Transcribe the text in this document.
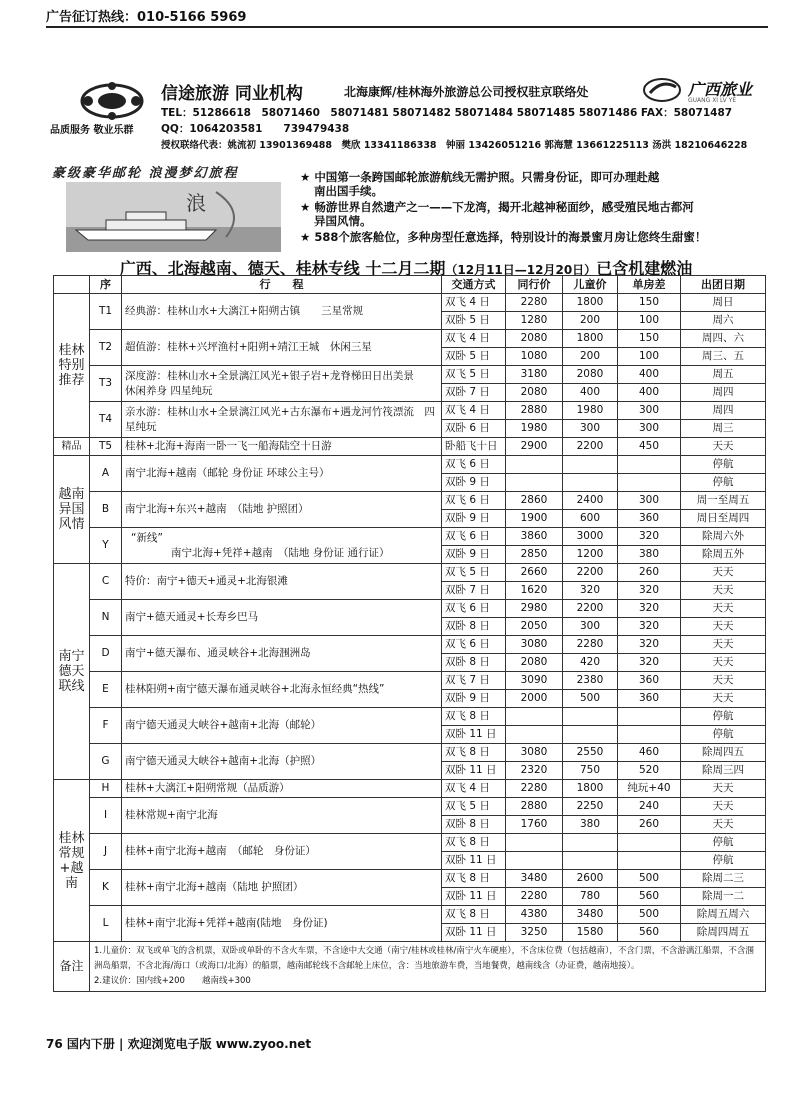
广告征订热线：010-5166 5969
信途旅游 同业机构	北海康辉/桂林海外旅游总公司授权驻京联络处
TEL：51286618　58071460　58071481 58071482 58071484 58071485 58071486 FAX：58071487
品质服务 敬业乐群	QQ：1064203581　　739479438
授权联络代表：姚流初 13901369488　樊欣 13341186338　钟丽 13426051216 郭海慧 13661225113 汤洪 18210646228
广西旅业
GUANG XI LV YE
豪级豪华邮轮 浪漫梦幻旅程
浪
★ 中国第一条跨国邮轮旅游航线无需护照。只需身份证，即可办理赴越
南出国手续。
★ 畅游世界自然遗产之一——下龙湾，揭开北越神秘面纱，感受殖民地古都河
异国风情。
★ 588个旅客舱位，多种房型任意选择，特别设计的海景蜜月房让您终生甜蜜！
广西、北海越南、德天、桂林专线 十二月二期（12月11日—12月20日）已含机建燃油
	序	行　　程	交通方式	同行价	儿童价	单房差	出团日期
桂林特别推荐	T1	经典游：桂林山水+大漓江+阳朔古镇　　三星常规	双飞 4 日	2280	1800	150	周日
			双卧 5 日	1280	200	100	周六
	T2	超值游：桂林+兴坪渔村+阳朔+靖江王城　休闲三星	双飞 4 日	2080	1800	150	周四、六
			双卧 5 日	1080	200	100	周三、五
	T3	深度游：桂林山水+全景漓江风光+银子岩+龙脊梯田日出美景　　休闲养身 四星纯玩	双飞 5 日	3180	2080	400	周五
			双卧 7 日	2080	400	400	周四
	T4	亲水游：桂林山水+全景漓江风光+古东瀑布+遇龙河竹筏漂流　四星纯玩	双飞 4 日	2880	1980	300	周四
			双卧 6 日	1980	300	300	周三
精品	T5	桂林+北海+海南一卧一飞一船海陆空十日游	卧船飞十日	2900	2200	450	天天
越南异国风情	A	南宁北海+越南（邮轮 身份证 环球公主号）	双飞 6 日				停航
			双卧 9 日				停航
	B	南宁北海+东兴+越南　（陆地 护照团）	双飞 6 日	2860	2400	300	周一至周五
			双卧 9 日	1900	600	360	周日至周四
	Y	“新线”
南宁北海+凭祥+越南　（陆地 身份证 通行证）	双飞 6 日	3860	3000	320	除周六外
			双卧 9 日	2850	1200	380	除周五外
南宁德天联线	C	特价：南宁+德天+通灵+北海银滩	双飞 5 日	2660	2200	260	天天
			双卧 7 日	1620	320	320	天天
	N	南宁+德天通灵+长寿乡巴马	双飞 6 日	2980	2200	320	天天
			双卧 8 日	2050	300	320	天天
	D	南宁+德天瀑布、通灵峡谷+北海涠洲岛	双飞 6 日	3080	2280	320	天天
			双卧 8 日	2080	420	320	天天
	E	桂林阳朔+南宁德天瀑布通灵峡谷+北海永恒经典“热线”	双飞 7 日	3090	2380	360	天天
			双卧 9 日	2000	500	360	天天
	F	南宁德天通灵大峡谷+越南+北海（邮轮）	双飞 8 日				停航
			双卧 11 日				停航
	G	南宁德天通灵大峡谷+越南+北海（护照）	双飞 8 日	3080	2550	460	除周四五
			双卧 11 日	2320	750	520	除周三四
桂林常规+越南	H	桂林+大漓江+阳朔常规（品质游）	双飞 4 日	2280	1800	纯玩+40	天天
	I	桂林常规+南宁北海	双飞 5 日	2880	2250	240	天天
			双卧 8 日	1760	380	260	天天
	J	桂林+南宁北海+越南　（邮轮　身份证）	双飞 8 日				停航
			双卧 11 日				停航
	K	桂林+南宁北海+越南（陆地 护照团）	双飞 8 日	3480	2600	500	除周二三
			双卧 11 日	2280	780	560	除周一二
	L	桂林+南宁北海+凭祥+越南(陆地　身份证)	双飞 8 日	4380	3480	500	除周五周六
			双卧 11 日	3250	1580	560	除周四周五
备注	1.儿童价：双飞或单飞的含机票，双卧或单卧的不含火车票，不含途中大交通（南宁/桂林或桂林/南宁火车硬座），不含床位费（包括越南），不含门票，不含游漓江船票，不含涠洲岛船票，不含北海/海口（或海口/北海）的船票，越南邮轮线不含邮轮上床位，含：当地旅游车费，当地餐费，越南线含（办证费，越南地接）。
2.建议价：国内线+200　　越南线+300						
76 国内下册 | 欢迎浏览电子版 www.zyoo.net
